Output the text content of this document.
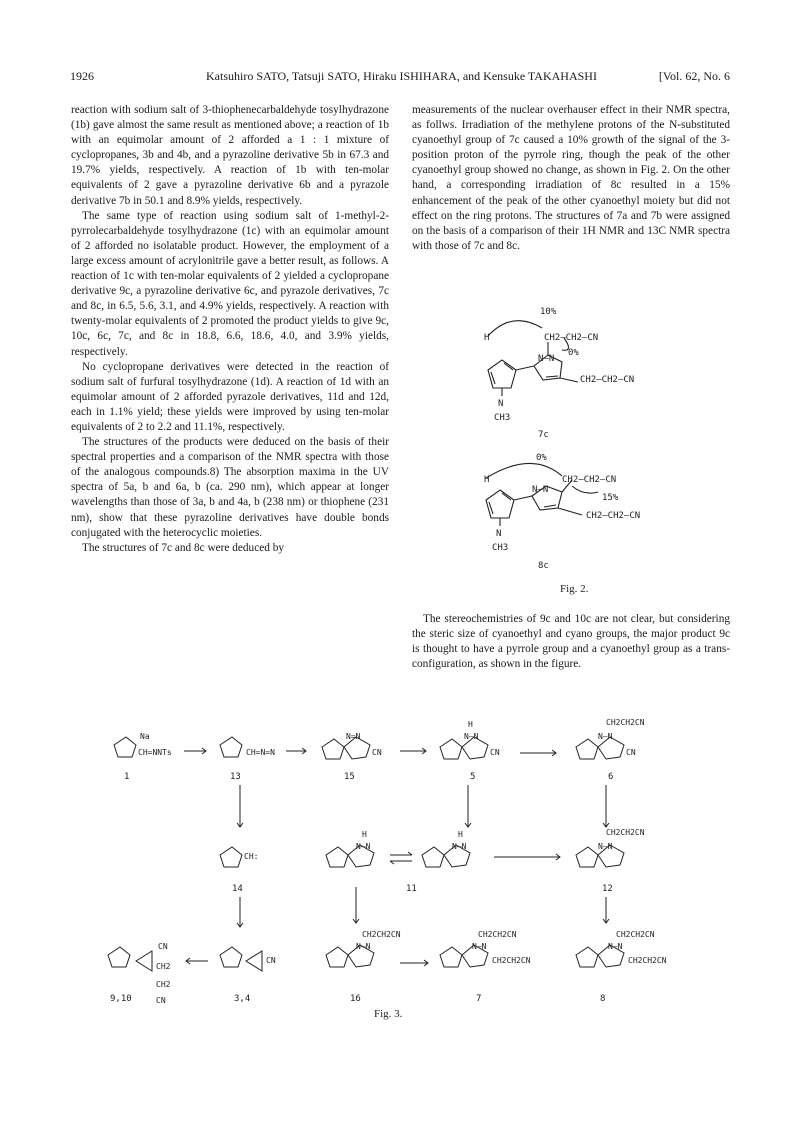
1926	Katsuhiro SATO, Tatsuji SATO, Hiraku ISHIHARA, and Kensuke TAKAHASHI	[Vol. 62, No. 6

reaction with sodium salt of 3-thiophenecarbaldehyde tosylhydrazone (1b) gave almost the same result as mentioned above; a reaction of 1b with an equimolar amount of 2 afforded a 1 : 1 mixture of cyclopropanes, 3b and 4b, and a pyrazoline derivative 5b in 67.3 and 19.7% yields, respectively. A reaction of 1b with ten-molar equivalents of 2 gave a pyrazoline derivative 6b and a pyrazole derivative 7b in 50.1 and 8.9% yields, respectively.

The same type of reaction using sodium salt of 1-methyl-2-pyrrolecarbaldehyde tosylhydrazone (1c) with an equimolar amount of 2 afforded no isolatable product. However, the employment of a large excess amount of acrylonitrile gave a better result, as follows. A reaction of 1c with ten-molar equivalents of 2 yielded a cyclopropane derivative 9c, a pyrazoline derivative 6c, and pyrazole derivatives, 7c and 8c, in 6.5, 5.6, 3.1, and 4.9% yields, respectively. A reaction with twenty-molar equivalents of 2 promoted the product yields to give 9c, 10c, 6c, 7c, and 8c in 18.8, 6.6, 18.6, 4.0, and 3.9% yields, respectively.

No cyclopropane derivatives were detected in the reaction of sodium salt of furfural tosylhydrazone (1d). A reaction of 1d with an equimolar amount of 2 afforded pyrazole derivatives, 11d and 12d, each in 1.1% yield; these yields were improved by using ten-molar equivalents of 2 to 2.2 and 11.1%, respectively.

The structures of the products were deduced on the basis of their spectral properties and a comparison of the NMR spectra with those of the analogous compounds.8) The absorption maxima in the UV spectra of 5a, b and 6a, b (ca. 290 nm), which appear at longer wavelengths than those of 3a, b and 4a, b (238 nm) or thiophene (231 nm), show that these pyrazoline derivatives have double bonds conjugated with the heterocyclic moieties.

The structures of 7c and 8c were deduced by

measurements of the nuclear overhauser effect in their NMR spectra, as follws. Irradiation of the methylene protons of the N-substituted cyanoethyl group of 7c caused a 10% growth of the signal of the 3-position proton of the pyrrole ring, though the peak of the other cyanoethyl group showed no change, as shown in Fig. 2. On the other hand, a corresponding irradiation of 8c resulted in a 15% enhancement of the peak of the other cyanoethyl moiety but did not effect on the ring protons. The structures of 7a and 7b were assigned on the basis of a comparison of their 1H NMR and 13C NMR spectra with those of 7c and 8c.

10%
H	CH2—CH2—CN
0%
N—N
CH2—CH2—CN
N
CH3
7c
0%
H	CH2—CH2—CN
15%
N—N
CH2—CH2—CN
N
CH3
8c
Fig. 2.

The stereochemistries of 9c and 10c are not clear, but considering the steric size of cyanoethyl and cyano groups, the major product 9c is thought to have a pyrrole group and a cyanoethyl group as a trans-configuration, as shown in the figure.

Na
CH=NNTs	CH=N=N
N=N
CN
H
N—N
CN
CH2CH2CN
N—N
CN
CH:
H
N—N
H
N—N
CH2CH2CN
N—N
CN
CH2
CH2
CN
CN
CH2CH2CN
N—N
CH2CH2CN
N—N
CH2CH2CN
CH2CH2CN
N—N
CH2CH2CN
1	13	15	5	6
14	11	12
9,10	3,4	16	7	8
Fig. 3.
